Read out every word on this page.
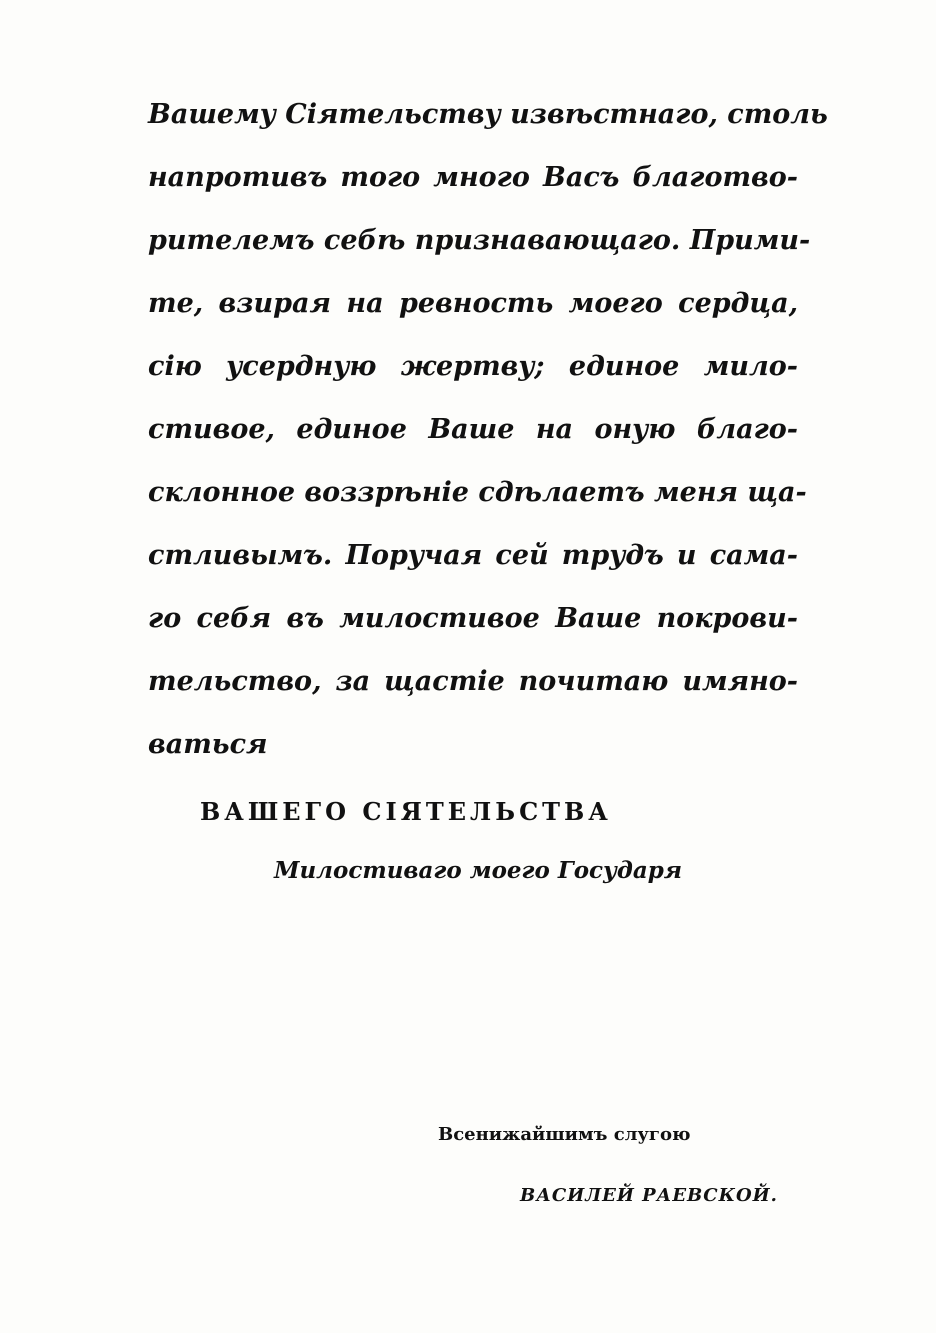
Вашему Сіятельству извѣстнаго, столь
напротивъ того много Васъ благотво-
рителемъ себѣ признавающаго. Прими-
те, взирая на ревность моего сердца,
сію усердную жертву; единое мило-
стивое, единое Ваше на оную благо-
склонное воззрѣніе сдѣлаетъ меня ща-
стливымъ. Поручая сей трудъ и сама-
го себя въ милостивое Ваше покрови-
тельство, за щастіе почитаю имяно-
ваться
ВАШЕГО СІЯТЕЛЬСТВА
Милостиваго моего Государя
Всенижайшимъ слугою
ВАСИЛЕЙ РАЕВСКОЙ.
